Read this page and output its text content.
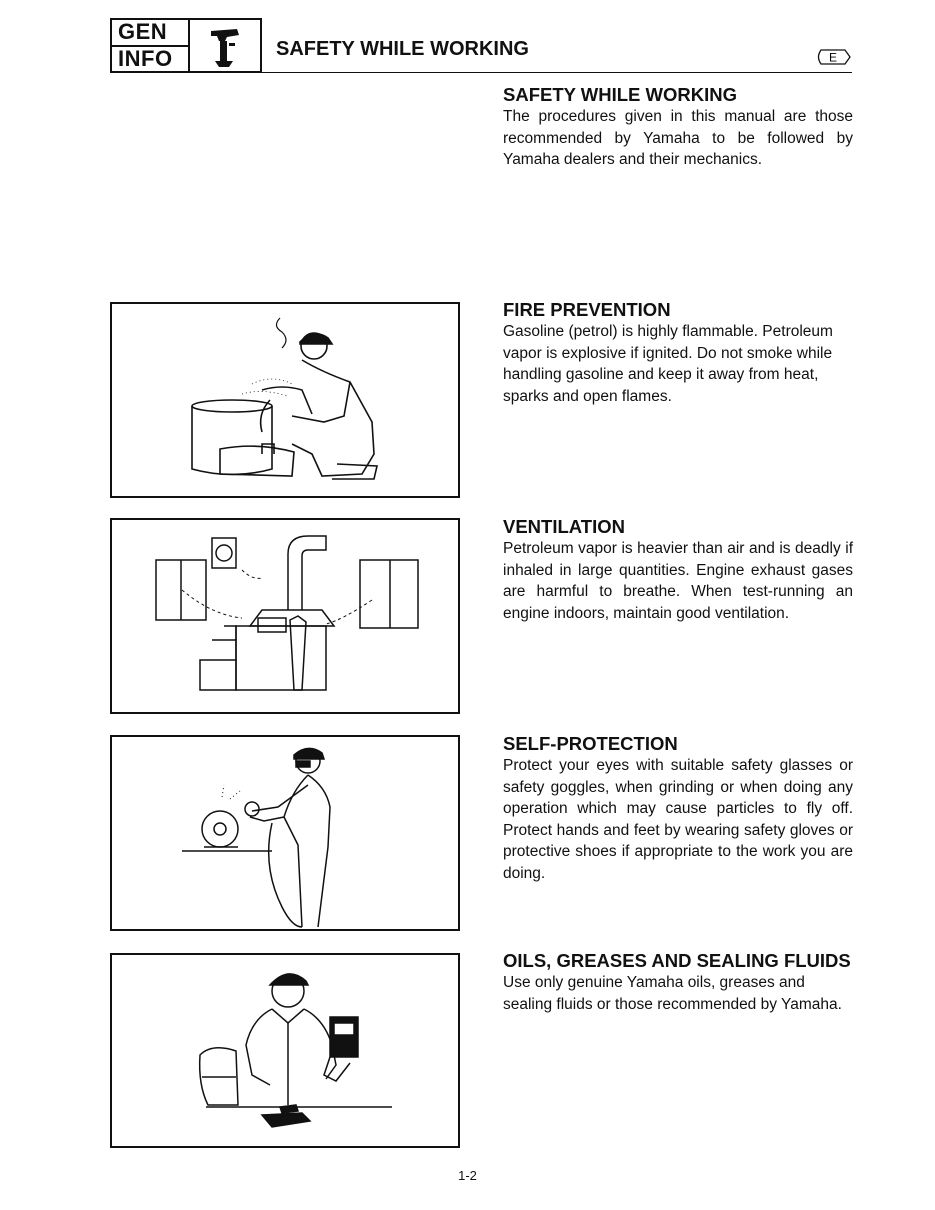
GEN
INFO	SAFETY WHILE WORKING	E
SAFETY WHILE WORKING

The procedures given in this manual are those recommended by Yamaha to be followed by Yamaha dealers and their mechanics.

FIRE PREVENTION

Gasoline (petrol) is highly flammable. Petroleum vapor is explosive if ignited. Do not smoke while handling gasoline and keep it away from heat, sparks and open flames.

VENTILATION

Petroleum vapor is heavier than air and is deadly if inhaled in large quantities. Engine exhaust gases are harmful to breathe. When test-running an engine indoors, maintain good ventilation.

SELF-PROTECTION

Protect your eyes with suitable safety glasses or safety goggles, when grinding or when doing any operation which may cause particles to fly off. Protect hands and feet by wearing safety gloves or protective shoes if appropriate to the work you are doing.

OILS, GREASES AND SEALING FLUIDS

Use only genuine Yamaha oils, greases and sealing fluids or those recommended by Yamaha.

1-2
